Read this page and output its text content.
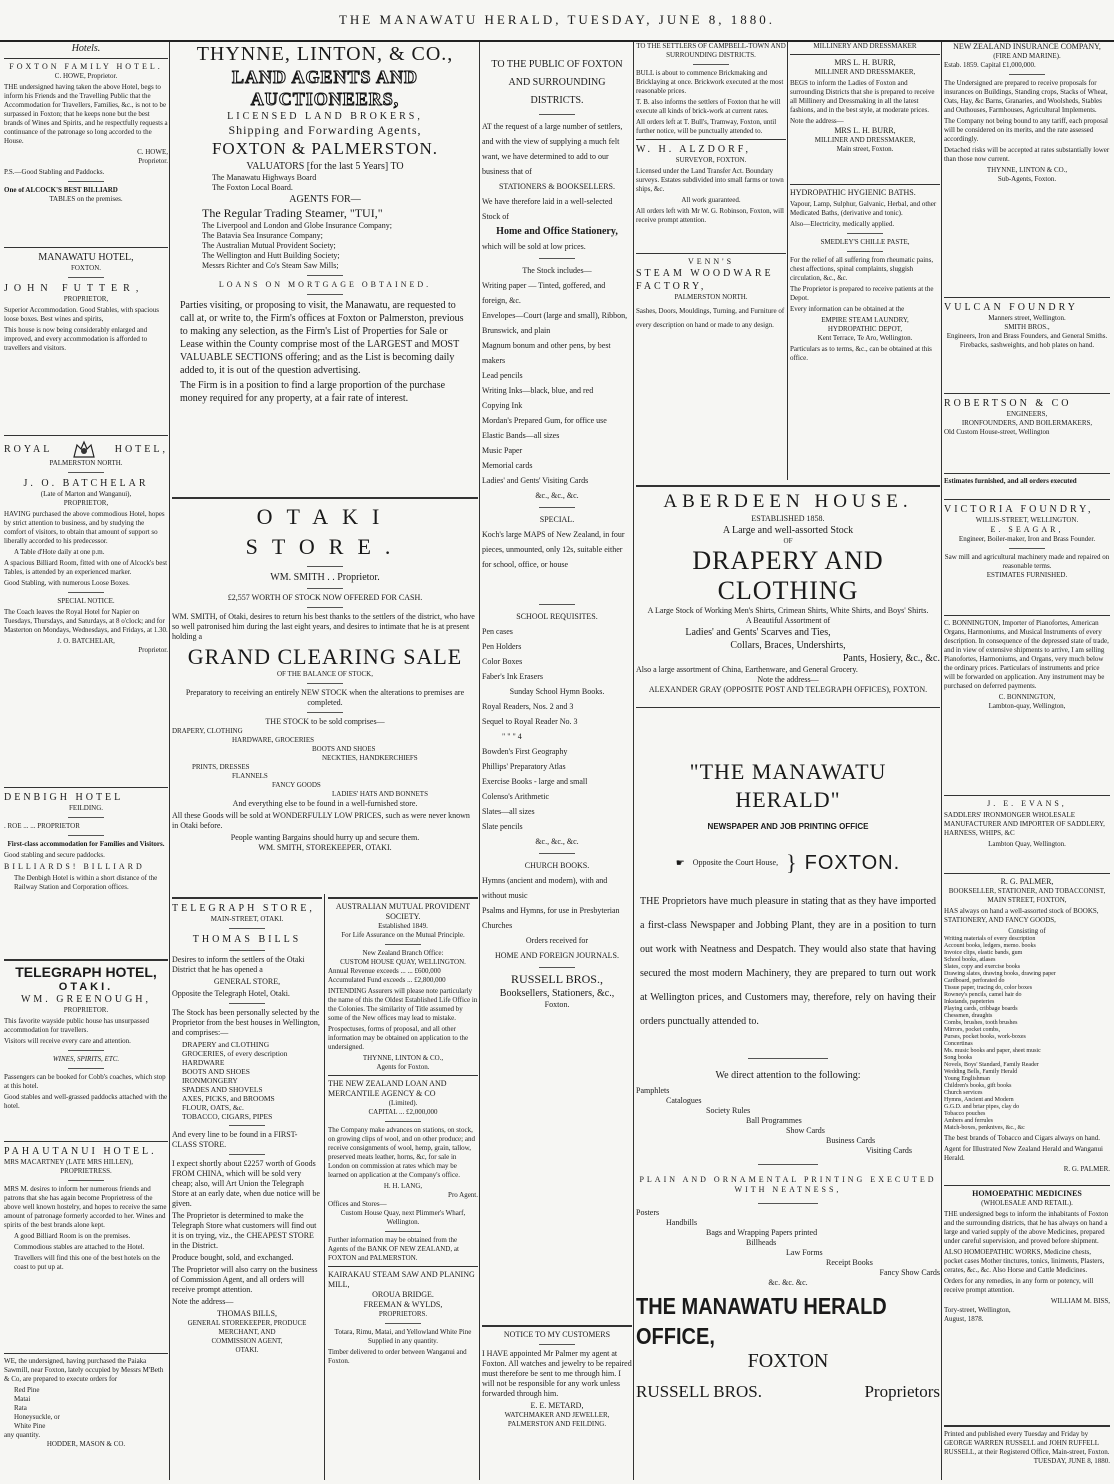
THE MANAWATU HERALD, TUESDAY, JUNE 8, 1880.
Hotels.
FOXTON FAMILY HOTEL.
C. HOWE, Proprietor.
THE undersigned having taken the above Hotel, begs to inform his Friends and the Travelling Public that the Accommodation for Travellers, Families, &c., is not to be surpassed in Foxton; that he keeps none but the best brands of Wines and Spirits, and he respectfully requests a continuance of the patronage so long accorded to the House.
C. HOWE,
Proprietor.
P.S.—Good Stabling and Paddocks.
One of ALCOCK'S BEST BILLIARD
TABLES on the premises.
MANAWATU HOTEL,
FOXTON.
JOHN FUTTER,
PROPRIETOR,
Superior Accommodation. Good Stables, with spacious loose boxes. Best wines and spirits,
This house is now being considerably enlarged and improved, and every accommodation is afforded to travellers and visitors.
ROYAL	HOTEL,
PALMERSTON NORTH.
J. O. BATCHELAR
(Late of Marton and Wanganui),
PROPRIETOR,
HAVING purchased the above commodious Hotel, hopes by strict attention to business, and by studying the comfort of visitors, to obtain that amount of support so liberally accorded to his predecessor.
A Table d'Hote daily at one p.m.
A spacious Billiard Room, fitted with one of Alcock's best Tables, is attended by an experienced marker.
Good Stabling, with numerous Loose Boxes.
SPECIAL NOTICE.
The Coach leaves the Royal Hotel for Napier on Tuesdays, Thursdays, and Saturdays, at 8 o'clock; and for Masterton on Mondays, Wednesdays, and Fridays, at 1.30.
J. O. BATCHELAR,
Proprietor.
DENBIGH HOTEL
FEILDING.
. ROE ... ... PROPRIETOR
First-class accommodation for Families and Visitors.
Good stabling and secure paddocks.
BILLIARDS! BILLIARD
The Denbigh Hotel is within a short distance of the Railway Station and Corporation offices.
TELEGRAPH HOTEL,
OTAKI.
WM. GREENOUGH,
PROPRIETOR.
This favorite wayside public house has unsurpassed accommodation for travellers.
Visitors will receive every care and attention.
WINES, SPIRITS, ETC.
Passengers can be booked for Cobb's coaches, which stop at this hotel.
Good stables and well-grassed paddocks attached with the hotel.
PAHAUTANUI HOTEL.
MRS MACARTNEY (LATE MRS HILLEN),
PROPRIETRESS.
MRS M. desires to inform her numerous friends and patrons that she has again become Proprietress of the above well known hostelry, and hopes to receive the same amount of patronage formerly accorded to her. Wines and spirits of the best brands alone kept.
A good Billiard Room is on the premises.
Commodious stables are attached to the Hotel.
Travellers will find this one of the best hotels on the coast to put up at.
WE, the undersigned, having purchased the Paiaka Sawmill, near Foxton, lately occupied by Messrs M'Beth & Co, are prepared to execute orders for
Red Pine
Matai
Rata
Honeysuckle, or
White Pine
any quantity.
HODDER, MASON & CO.
THYNNE, LINTON, & CO.,
LAND AGENTS AND AUCTIONEERS,
LICENSED LAND BROKERS,
Shipping and Forwarding Agents,
FOXTON & PALMERSTON.
VALUATORS [for the last 5 Years] TO
The Manawatu Highways Board
The Foxton Local Board.
AGENTS FOR—
The Regular Trading Steamer, "TUI,"
The Liverpool and London and Globe Insurance Company;
The Batavia Sea Insurance Company;
The Australian Mutual Provident Society;
The Wellington and Hutt Building Society;
Messrs Richter and Co's Steam Saw Mills;
LOANS ON MORTGAGE OBTAINED.
Parties visiting, or proposing to visit, the Manawatu, are requested to call at, or write to, the Firm's offices at Foxton or Palmerston, previous to making any selection, as the Firm's List of Properties for Sale or Lease within the County comprise most of the LARGEST and MOST VALUABLE SECTIONS offering; and as the List is becoming daily added to, it is out of the question advertising.
The Firm is in a position to find a large proportion of the purchase money required for any property, at a fair rate of interest.
OTAKI STORE.
WM. SMITH . . Proprietor.
£2,557 WORTH OF STOCK NOW OFFERED FOR CASH.
WM. SMITH, of Otaki, desires to return his best thanks to the settlers of the district, who have so well patronised him during the last eight years, and desires to intimate that he is at present holding a
GRAND CLEARING SALE
OF THE BALANCE OF STOCK,
Preparatory to receiving an entirely NEW STOCK when the alterations to premises are completed.
THE STOCK to be sold comprises—
DRAPERY, CLOTHING
HARDWARE, GROCERIES
BOOTS AND SHOES
NECKTIES, HANDKERCHIEFS
PRINTS, DRESSES
FLANNELS
FANCY GOODS
LADIES' HATS AND BONNETS
And everything else to be found in a well-furnished store.
All these Goods will be sold at WONDERFULLY LOW PRICES, such as were never known in Otaki before.
People wanting Bargains should hurry up and secure them.
WM. SMITH, STOREKEEPER, OTAKI.
TELEGRAPH STORE,
MAIN-STREET, OTAKI.
THOMAS BILLS
Desires to inform the settlers of the Otaki District that he has opened a
GENERAL STORE,
Opposite the Telegraph Hotel, Otaki.
The Stock has been personally selected by the Proprietor from the best houses in Wellington, and comprises:—
DRAPERY and CLOTHING
GROCERIES, of every description
HARDWARE
BOOTS AND SHOES
IRONMONGERY
SPADES AND SHOVELS
AXES, PICKS, and BROOMS
FLOUR, OATS, &c.
TOBACCO, CIGARS, PIPES
And every line to be found in a FIRST-CLASS STORE.
I expect shortly about £2257 worth of Goods FROM CHINA, which will be sold very cheap; also, will Art Union the Telegraph Store at an early date, when due notice will be given.
The Proprietor is determined to make the Telegraph Store what customers will find out it is on trying, viz., the CHEAPEST STORE in the District.
Produce bought, sold, and exchanged.
The Proprietor will also carry on the business of Commission Agent, and all orders will receive prompt attention.
Note the address—
THOMAS BILLS,
GENERAL STOREKEEPER, PRODUCE
MERCHANT, AND
COMMISSION AGENT,
OTAKI.
AUSTRALIAN MUTUAL PROVIDENT SOCIETY.
Established 1849.
For Life Assurance on the Mutual Principle.
New Zealand Branch Office:
CUSTOM HOUSE QUAY, WELLINGTON.
Annual Revenue exceeds ... ... £600,000
Accumulated Fund exceeds ... £2,800,000
INTENDING Assurers will please note particularly the name of this the Oldest Established Life Office in the Colonies. The similarity of Title assumed by some of the New offices may lead to mistake.
Prospectuses, forms of proposal, and all other information may be obtained on application to the undersigned.
THYNNE, LINTON & CO.,
Agents for Foxton.
THE NEW ZEALAND LOAN AND MERCANTILE AGENCY & CO
(Limited).
CAPITAL ... £2,000,000
The Company make advances on stations, on stock, on growing clips of wool, and on other produce; and receive consignments of wool, hemp, grain, tallow, preserved meats leather, horns, &c, for sale in London on commission at rates which may be learned on application at the Company's office.
H. H. LANG,
Pro Agent.
Offices and Stores—
Custom House Quay, next Plimmer's Wharf, Wellington.
Further information may be obtained from the Agents of the BANK OF NEW ZEALAND, at FOXTON and PALMERSTON.
KAIRAKAU STEAM SAW AND PLANING MILL,
OROUA BRIDGE.
FREEMAN & WYLDS,
PROPRIETORS.
Totara, Rimu, Matai, and Yellowland White Pine
Supplied in any quantity.
Timber delivered to order between Wanganui and Foxton.
TO THE PUBLIC OF FOXTON AND SURROUNDING DISTRICTS.
AT the request of a large number of settlers, and with the view of supplying a much felt want, we have determined to add to our business that of
STATIONERS & BOOKSELLERS.
We have therefore laid in a well-selected Stock of
Home and Office Stationery,
which will be sold at low prices.
The Stock includes—
Writing paper — Tinted, goffered, and foreign, &c.
Envelopes—Court (large and small), Ribbon, Brunswick, and plain
Magnum bonum and other pens, by best makers
Lead pencils
Writing Inks—black, blue, and red
Copying Ink
Mordan's Prepared Gum, for office use
Elastic Bands—all sizes
Music Paper
Memorial cards
Ladies' and Gents' Visiting Cards
&c., &c., &c.
SPECIAL.
Koch's large MAPS of New Zealand, in four pieces, unmounted, only 12s, suitable either for school, office, or house
SCHOOL REQUISITES.
Pen cases
Pen Holders
Color Boxes
Faber's Ink Erasers
Sunday School Hymn Books.
Royal Readers, Nos. 2 and 3
Sequel to Royal Reader No. 3
" " " 4
Bowden's First Geography
Phillips' Preparatory Atlas
Exercise Books - large and small
Colenso's Arithmetic
Slates—all sizes
Slate pencils
&c., &c., &c.
CHURCH BOOKS.
Hymns (ancient and modern), with and without music
Psalms and Hymns, for use in Presbyterian Churches
Orders received for
HOME AND FOREIGN JOURNALS.
RUSSELL BROS.,
Booksellers, Stationers, &c.,
Foxton.
NOTICE TO MY CUSTOMERS
I HAVE appointed Mr Palmer my agent at Foxton. All watches and jewelry to be repaired must therefore be sent to me through him. I will not be responsible for any work unless forwarded through him.
E. E. METARD,
WATCHMAKER AND JEWELLER, PALMERSTON AND FEILDING.
TO THE SETTLERS OF CAMPBELL-TOWN AND SURROUNDING DISTRICTS.
BULL is about to commence Brickmaking and Bricklaying at once. Brickwork executed at the most reasonable prices.
T. B. also informs the settlers of Foxton that he will execute all kinds of brick-work at current rates.
All orders left at T. Bull's, Tramway, Foxton, until further notice, will be punctually attended to.
W. H. ALZDORF,
SURVEYOR, FOXTON.
Licensed under the Land Transfer Act. Boundary surveys. Estates subdivided into small farms or town ships, &c.
All work guaranteed.
All orders left with Mr W. G. Robinson, Foxton, will receive prompt attention.
VENN'S
STEAM WOODWARE FACTORY,
PALMERSTON NORTH.
Sashes, Doors, Mouldings, Turning, and Furniture of every description on hand or made to any design.
MILLINERY AND DRESSMAKER
MRS L. H. BURR,
MILLINER AND DRESSMAKER,
BEGS to inform the Ladies of Foxton and surrounding Districts that she is prepared to receive all Millinery and Dressmaking in all the latest fashions, and in the best style, at moderate prices.
Note the address—
MRS L. H. BURR,
MILLINER AND DRESSMAKER,
Main street, Foxton.
HYDROPATHIC HYGIENIC BATHS.
Vapour, Lamp, Sulphur, Galvanic, Herbal, and other Medicated Baths, (derivative and tonic).
Also—Electricity, medically applied.
SMEDLEY'S CHILLE PASTE,
For the relief of all suffering from rheumatic pains, chest affections, spinal complaints, sluggish circulation, &c., &c.
The Proprietor is prepared to receive patients at the Depot.
Every information can be obtained at the
EMPIRE STEAM LAUNDRY,
HYDROPATHIC DEPOT,
Kent Terrace, Te Aro, Wellington.
Particulars as to terms, &c., can be obtained at this office.
ABERDEEN HOUSE.
ESTABLISHED 1858.
A Large and well-assorted Stock
OF
DRAPERY AND CLOTHING
A Large Stock of Working Men's Shirts, Crimean Shirts, White Shirts, and Boys' Shirts.
A Beautiful Assortment of
Ladies' and Gents' Scarves and Ties,
Collars, Braces, Undershirts,
Pants, Hosiery, &c., &c.
Also a large assortment of China, Earthenware, and General Grocery.
Note the address—
ALEXANDER GRAY (OPPOSITE POST AND TELEGRAPH OFFICES), FOXTON.
"THE MANAWATU HERALD"
NEWSPAPER AND JOB PRINTING OFFICE
☛ Opposite the Court House, } FOXTON.
THE Proprietors have much pleasure in stating that as they have imported a first-class Newspaper and Jobbing Plant, they are in a position to turn out work with Neatness and Despatch. They would also state that having secured the most modern Machinery, they are prepared to turn out work at Wellington prices, and Customers may, therefore, rely on having their orders punctually attended to.
We direct attention to the following:
Pamphlets
Catalogues
Society Rules
Ball Programmes
Show Cards
Business Cards
Visiting Cards
PLAIN AND ORNAMENTAL PRINTING EXECUTED WITH NEATNESS,
Posters
Handbills
Bags and Wrapping Papers printed
Billheads
Law Forms
Receipt Books
Fancy Show Cards
&c. &c. &c.
THE MANAWATU HERALD OFFICE,
FOXTON
RUSSELL BROS.	Proprietors
NEW ZEALAND INSURANCE COMPANY,
(FIRE AND MARINE).
Estab. 1859. Capital £1,000,000.
The Undersigned are prepared to receive proposals for insurances on Buildings, Standing crops, Stacks of Wheat, Oats, Hay, &c Barns, Granaries, and Woolsheds, Stables and Outhouses, Farmhouses, Agricultural Implements.
The Company not being bound to any tariff, each proposal will be considered on its merits, and the rate assessed accordingly.
Detached risks will be accepted at rates substantially lower than those now current.
THYNNE, LINTON & CO.,
Sub-Agents, Foxton.
VULCAN FOUNDRY
Manners street, Wellington.
SMITH BROS.,
Engineers, Iron and Brass Founders, and General Smiths.
Firebacks, sashweights, and hob plates on hand.
ROBERTSON & CO
ENGINEERS,
IRONFOUNDERS, AND BOILERMAKERS,
Old Custom House-street, Wellington
Estimates furnished, and all orders executed
VICTORIA FOUNDRY,
WILLIS-STREET, WELLINGTON.
E. SEAGAR,
Engineer, Boiler-maker, Iron and Brass Founder.
Saw mill and agricultural machinery made and repaired on reasonable terms.
ESTIMATES FURNISHED.
C. BONNINGTON, Importer of Pianofortes, American Organs, Harmoniums, and Musical Instruments of every description. In consequence of the depressed state of trade, and in view of extensive shipments to arrive, I am selling Pianofortes, Harmoniums, and Organs, very much below the ordinary prices. Particulars of instruments and price will be forwarded on application. Any instrument may be purchased on deferred payments.
C. BONNINGTON,
Lambton-quay, Wellington,
J. E. EVANS,
SADDLERS' IRONMONGER WHOLESALE MANUFACTURER AND IMPORTER OF SADDLERY, HARNESS, WHIPS, &C
Lambton Quay, Wellington.
R. G. PALMER,
BOOKSELLER, STATIONER, AND TOBACCONIST,
MAIN STREET, FOXTON,
HAS always on hand a well-assorted stock of BOOKS, STATIONERY, AND FANCY GOODS,
Consisting of
Writing materials of every description
Account books, ledgers, memo. books
Invoice clips, elastic bands, gum
School books, atlases
Slates, copy and exercise books
Drawing slates, drawing books, drawing paper
Cardboard, perforated do
Tissue paper, tracing do, color boxes
Rowney's pencils, camel hair do
Inkstands, papeteries
Playing cards, cribbage boards
Chessmen, draughts
Combs, brushes, tooth brushes
Mirrors, pocket combs,
Purses, pocket books, work-boxes
Concertinas
Ms. music books and paper, sheet music
Song books
Novels, Boys' Standard, Family Reader
Wedding Bells, Family Herald
Young Englishman
Children's books, gift books
Church services
Hymns, Ancient and Modern
G.G.D. and briar pipes, clay do
Tobacco pouches
Ambers and ferrules
Match-boxes, penknives, &c., &c
The best brands of Tobacco and Cigars always on hand.
Agent for Illustrated New Zealand Herald and Wanganui Herald.
R. G. PALMER.
HOMOEPATHIC MEDICINES
(WHOLESALE AND RETAIL).
THE undersigned begs to inform the inhabitants of Foxton and the surrounding districts, that he has always on hand a large and varied supply of the above Medicines, prepared under careful supervision, and proved before shipment.
ALSO HOMOEPATHIC WORKS, Medicine chests, pocket cases Mother tinctures, tonics, liniments, Plasters, cerates, &c., &c. Also Horse and Cattle Medicines.
Orders for any remedies, in any form or potency, will receive prompt attention.
WILLIAM M. BISS,
Tory-street, Wellington,
August, 1878.
Printed and published every Tuesday and Friday by GEORGE WARREN RUSSELL and JOHN RUFFELL RUSSELL, at their Registered Office, Main-street, Foxton.
TUESDAY, JUNE 8, 1880.
